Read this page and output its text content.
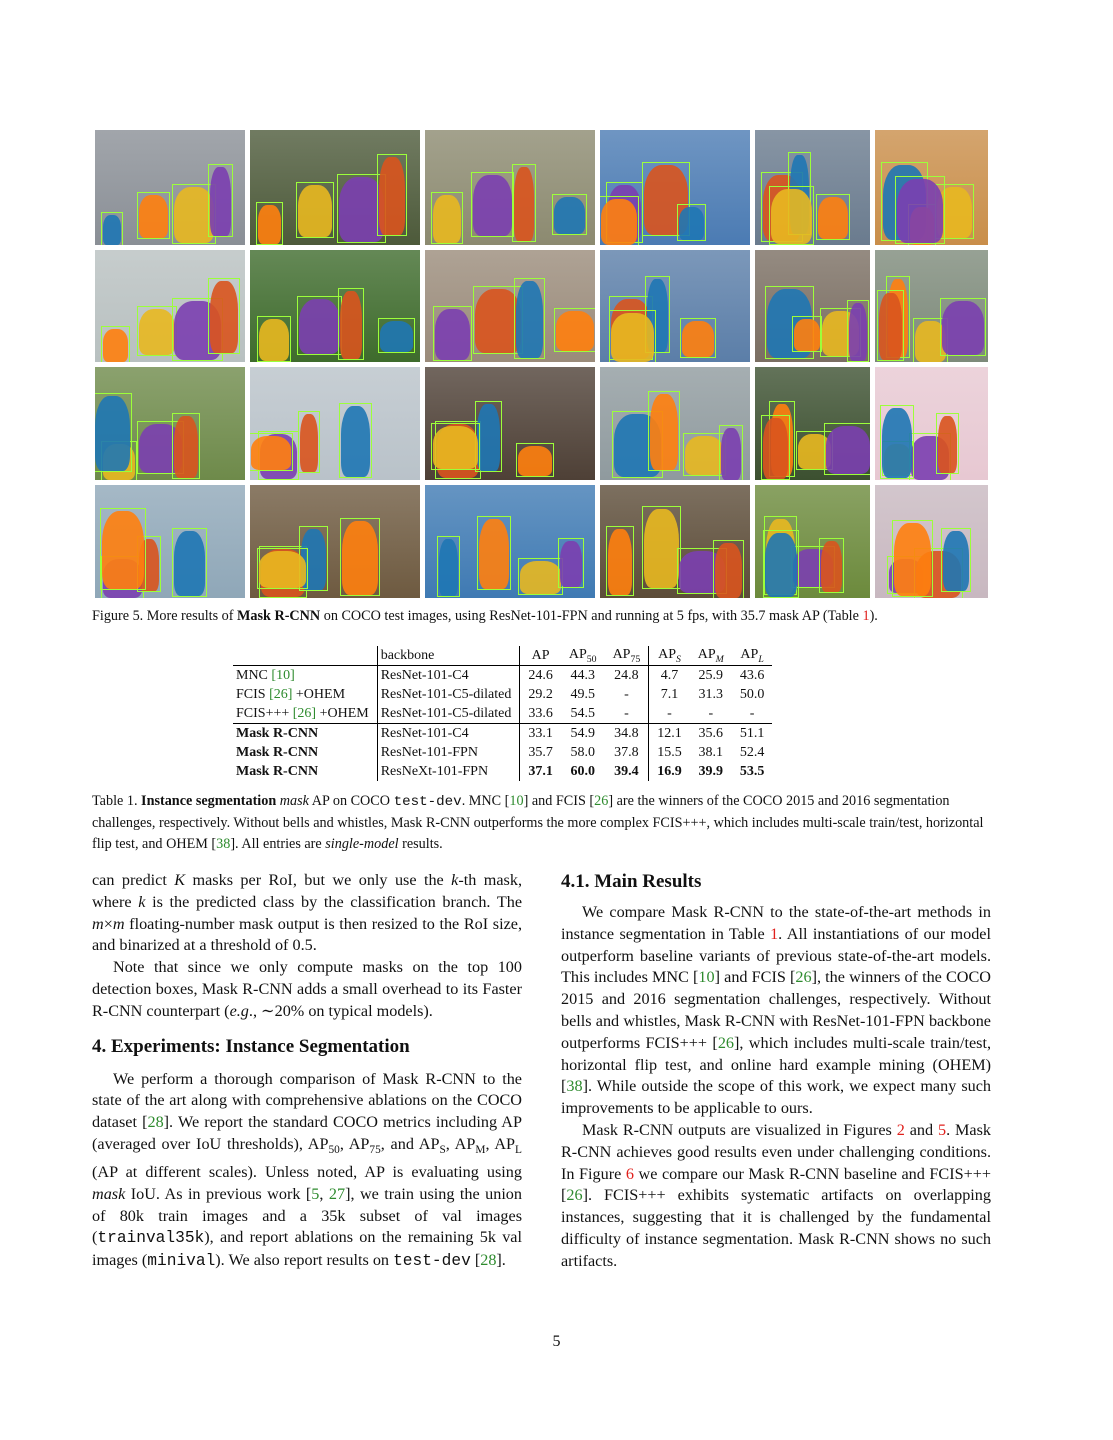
Figure 5. More results of Mask R-CNN on COCO test images, using ResNet-101-FPN and running at 5 fps, with 35.7 mask AP (Table 1).
	backbone	AP	$AP_{50}$	$AP_{75}$	$AP_S$	$AP_M$	$AP_L$
MNC [10]	ResNet-101-C4	24.6	44.3	24.8	4.7	25.9	43.6
FCIS [26] +OHEM	ResNet-101-C5-dilated	29.2	49.5	-	7.1	31.3	50.0
FCIS+++ [26] +OHEM	ResNet-101-C5-dilated	33.6	54.5	-	-	-	-
Mask R-CNN	ResNet-101-C4	33.1	54.9	34.8	12.1	35.6	51.1
Mask R-CNN	ResNet-101-FPN	35.7	58.0	37.8	15.5	38.1	52.4
Mask R-CNN	ResNeXt-101-FPN	37.1	60.0	39.4	16.9	39.9	53.5
Table 1. Instance segmentation mask AP on COCO test-dev. MNC [10] and FCIS [26] are the winners of the COCO 2015 and 2016 segmentation challenges, respectively. Without bells and whistles, Mask R-CNN outperforms the more complex FCIS+++, which includes multi-scale train/test, horizontal flip test, and OHEM [38]. All entries are single-model results.

can predict K masks per RoI, but we only use the k-th mask, where k is the predicted class by the classification branch. The m×m floating-number mask output is then resized to the RoI size, and binarized at a threshold of 0.5.

Note that since we only compute masks on the top 100 detection boxes, Mask R-CNN adds a small overhead to its Faster R-CNN counterpart (e.g., ∼20% on typical models).

4. Experiments: Instance Segmentation

We perform a thorough comparison of Mask R-CNN to the state of the art along with comprehensive ablations on the COCO dataset [28]. We report the standard COCO metrics including AP (averaged over IoU thresholds), $AP_{50}$, $AP_{75}$, and $AP_S$, $AP_M$, $AP_L$ (AP at different scales). Unless noted, AP is evaluating using mask IoU. As in previous work [5, 27], we train using the union of 80k train images and a 35k subset of val images (trainval35k), and report ablations on the remaining 5k val images (minival). We also report results on test-dev [28].

4.1. Main Results

We compare Mask R-CNN to the state-of-the-art methods in instance segmentation in Table 1. All instantiations of our model outperform baseline variants of previous state-of-the-art models. This includes MNC [10] and FCIS [26], the winners of the COCO 2015 and 2016 segmentation challenges, respectively. Without bells and whistles, Mask R-CNN with ResNet-101-FPN backbone outperforms FCIS+++ [26], which includes multi-scale train/test, horizontal flip test, and online hard example mining (OHEM) [38]. While outside the scope of this work, we expect many such improvements to be applicable to ours.

Mask R-CNN outputs are visualized in Figures 2 and 5. Mask R-CNN achieves good results even under challenging conditions. In Figure 6 we compare our Mask R-CNN baseline and FCIS+++ [26]. FCIS+++ exhibits systematic artifacts on overlapping instances, suggesting that it is challenged by the fundamental difficulty of instance segmentation. Mask R-CNN shows no such artifacts.

5
